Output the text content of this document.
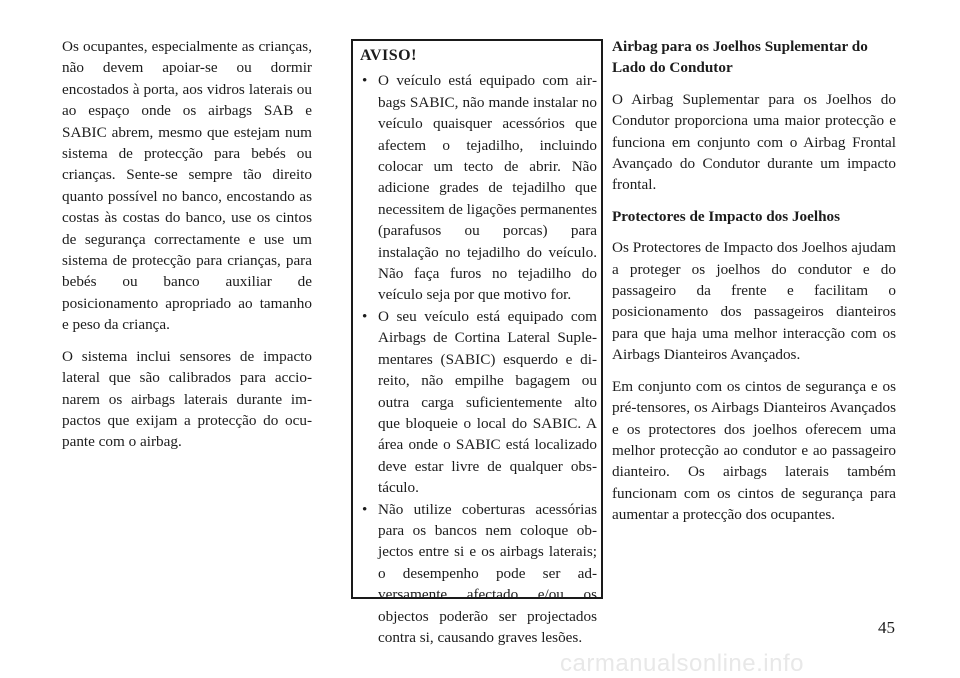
Os ocupantes, especialmente as crianças, não devem apoiar-se ou dormir encostados à porta, aos vidros laterais ou ao espaço onde os airbags SAB e SABIC abrem, mesmo que estejam num sistema de protecção para bebés ou crianças. Sente-se sempre tão direito quanto possível no banco, encostando as costas às costas do banco, use os cintos de segurança correctamente e use um sistema de protecção para crianças, para bebés ou banco auxiliar de posicionamento apropriado ao tamanho e peso da criança.

O sistema inclui sensores de impacto lateral que são calibrados para accionarem os airbags laterais durante impactos que exijam a protecção do ocupante com o airbag.

AVISO!
• O veículo está equipado com airbags SABIC, não mande instalar no veículo quaisquer acessórios que afectem o tejadilho, incluindo colocar um tecto de abrir. Não adicione grades de tejadilho que necessitem de ligações permanentes (parafusos ou porcas) para instalação no tejadilho do veículo. Não faça furos no tejadilho do veículo seja por que motivo for.
• O seu veículo está equipado com Airbags de Cortina Lateral Suplementares (SABIC) esquerdo e direito, não empilhe bagagem ou outra carga suficientemente alto que bloqueie o local do SABIC. A área onde o SABIC está localizado deve estar livre de qualquer obstáculo.
• Não utilize coberturas acessórias para os bancos nem coloque objectos entre si e os airbags laterais; o desempenho pode ser adversamente afectado e/ou os objectos poderão ser projectados contra si, causando graves lesões.

Airbag para os Joelhos Suplementar do Lado do Condutor

O Airbag Suplementar para os Joelhos do Condutor proporciona uma maior protecção e funciona em conjunto com o Airbag Frontal Avançado do Condutor durante um impacto frontal.

Protectores de Impacto dos Joelhos

Os Protectores de Impacto dos Joelhos ajudam a proteger os joelhos do condutor e do passageiro da frente e facilitam o posicionamento dos passageiros dianteiros para que haja uma melhor interacção com os Airbags Dianteiros Avançados.

Em conjunto com os cintos de segurança e os pré-tensores, os Airbags Dianteiros Avançados e os protectores dos joelhos oferecem uma melhor protecção ao condutor e ao passageiro dianteiro. Os airbags laterais também funcionam com os cintos de segurança para aumentar a protecção dos ocupantes.

45
carmanualsonline.info
